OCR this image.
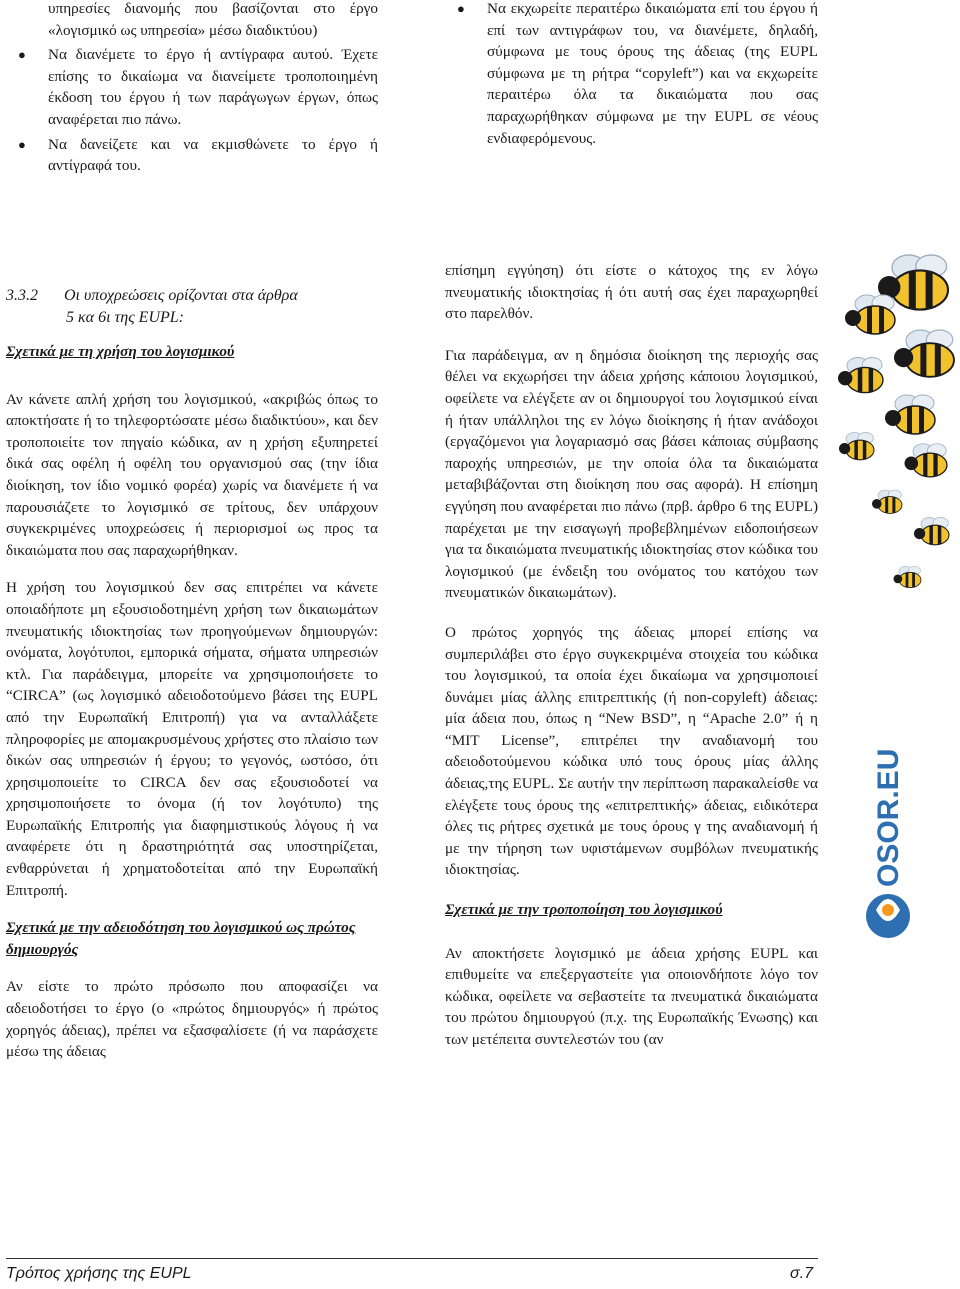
υπηρεσίες διανομής που βασίζονται στο έργο «λογισμικό ως υπηρεσία» μέσω διαδικτύου)
● Να διανέμετε το έργο ή αντίγραφα αυτού. Έχετε επίσης το δικαίωμα να διανείμετε τροποποιημένη έκδοση του έργου ή των παράγωγων έργων, όπως αναφέρεται πιο πάνω.
● Να δανείζετε και να εκμισθώνετε το έργο ή αντίγραφά του.
● Να εκχωρείτε περαιτέρω δικαιώματα επί του έργου ή επί των αντιγράφων του, να διανέμετε, δηλαδή, σύμφωνα με τους όρους της άδειας (της EUPL σύμφωνα με τη ρήτρα “copyleft”) και να εκχωρείτε περαιτέρω όλα τα δικαιώματα που σας παραχωρήθηκαν σύμφωνα με την EUPL σε νέους ενδιαφερόμενους.
3.3.2 Οι υποχρεώσεις ορίζονται στα άρθρα
5 κα 6ι της EUPL:
Σχετικά με τη χρήση του λογισμικού

Αν κάνετε απλή χρήση του λογισμικού, «ακριβώς όπως το αποκτήσατε ή το τηλεφορτώσατε μέσω διαδικτύου», και δεν τροποποιείτε τον πηγαίο κώδικα, αν η χρήση εξυπηρετεί δικά σας οφέλη ή οφέλη του οργανισμού σας (την ίδια διοίκηση, τον ίδιο νομικό φορέα) χωρίς να διανέμετε ή να παρουσιάζετε το λογισμικό σε τρίτους, δεν υπάρχουν συγκεκριμένες υποχρεώσεις ή περιορισμοί ως προς τα δικαιώματα που σας παραχωρήθηκαν.

Η χρήση του λογισμικού δεν σας επιτρέπει να κάνετε οποιαδήποτε μη εξουσιοδοτημένη χρήση των δικαιωμάτων πνευματικής ιδιοκτησίας των προηγούμενων δημιουργών: ονόματα, λογότυποι, εμπορικά σήματα, σήματα υπηρεσιών κτλ. Για παράδειγμα, μπορείτε να χρησιμοποιήσετε το “CIRCA” (ως λογισμικό αδειοδοτούμενο βάσει της EUPL από την Ευρωπαϊκή Επιτροπή) για να ανταλλάξετε πληροφορίες με απομακρυσμένους χρήστες στο πλαίσιο των δικών σας υπηρεσιών ή έργου; το γεγονός, ωστόσο, ότι χρησιμοποιείτε το CIRCA δεν σας εξουσιοδοτεί να χρησιμοποιήσετε το όνομα (ή τον λογότυπο) της Ευρωπαϊκής Επιτροπής για διαφημιστικούς λόγους ή να αναφέρετε ότι η δραστηριότητά σας υποστηρίζεται, ενθαρρύνεται ή χρηματοδοτείται από την Ευρωπαϊκή Επιτροπή.

Σχετικά με την αδειοδότηση του λογισμικού ως πρώτος δημιουργός

Αν είστε το πρώτο πρόσωπο που αποφασίζει να αδειοδοτήσει το έργο (ο «πρώτος δημιουργός» ή πρώτος χορηγός άδειας), πρέπει να εξασφαλίσετε (ή να παράσχετε μέσω της άδειας

επίσημη εγγύηση) ότι είστε ο κάτοχος της εν λόγω πνευματικής ιδιοκτησίας ή ότι αυτή σας έχει παραχωρηθεί στο παρελθόν.

Για παράδειγμα, αν η δημόσια διοίκηση της περιοχής σας θέλει να εκχωρήσει την άδεια χρήσης κάποιου λογισμικού, οφείλετε να ελέγξετε αν οι δημιουργοί του λογισμικού είναι ή ήταν υπάλληλοι της εν λόγω διοίκησης ή ήταν ανάδοχοι (εργαζόμενοι για λογαριασμό σας βάσει κάποιας σύμβασης παροχής υπηρεσιών, με την οποία όλα τα δικαιώματα μεταβιβάζονται στη διοίκηση που σας αφορά). Η επίσημη εγγύηση που αναφέρεται πιο πάνω (πρβ. άρθρο 6 της EUPL) παρέχεται με την εισαγωγή προβεβλημένων ειδοποιήσεων για τα δικαιώματα πνευματικής ιδιοκτησίας στον κώδικα του λογισμικού (με ένδειξη του ονόματος του κατόχου των πνευματικών δικαιωμάτων).

Ο πρώτος χορηγός της άδειας μπορεί επίσης να συμπεριλάβει στο έργο συγκεκριμένα στοιχεία του κώδικα του λογισμικού, τα οποία έχει δικαίωμα να χρησιμοποιεί δυνάμει μίας άλλης επιτρεπτικής (ή non-copyleft) άδειας: μία άδεια που, όπως η “New BSD”, η “Apache 2.0” ή η “MIT License”, επιτρέπει την αναδιανομή του αδειοδοτούμενου κώδικα υπό τους όρους μίας άλλης άδειας,της EUPL. Σε αυτήν την περίπτωση παρακαλείσθε να ελέγξετε τους όρους της «επιτρεπτικής» άδειας, ειδικότερα όλες τις ρήτρες σχετικά με τους όρους γ της αναδιανομή ή με την τήρηση των υφιστάμενων συμβόλων πνευματικής ιδιοκτησίας.

Σχετικά με την τροποποίηση του λογισμικού

Αν αποκτήσετε λογισμικό με άδεια χρήσης EUPL και επιθυμείτε να επεξεργαστείτε για οποιονδήποτε λόγο τον κώδικα, οφείλετε να σεβαστείτε τα πνευματικά δικαιώματα του πρώτου δημιουργού (π.χ. της Ευρωπαϊκής Ένωσης) και των μετέπειτα συντελεστών του (αν

OSOR.EU
Τρόπος χρήσης της EUPL	σ.7
